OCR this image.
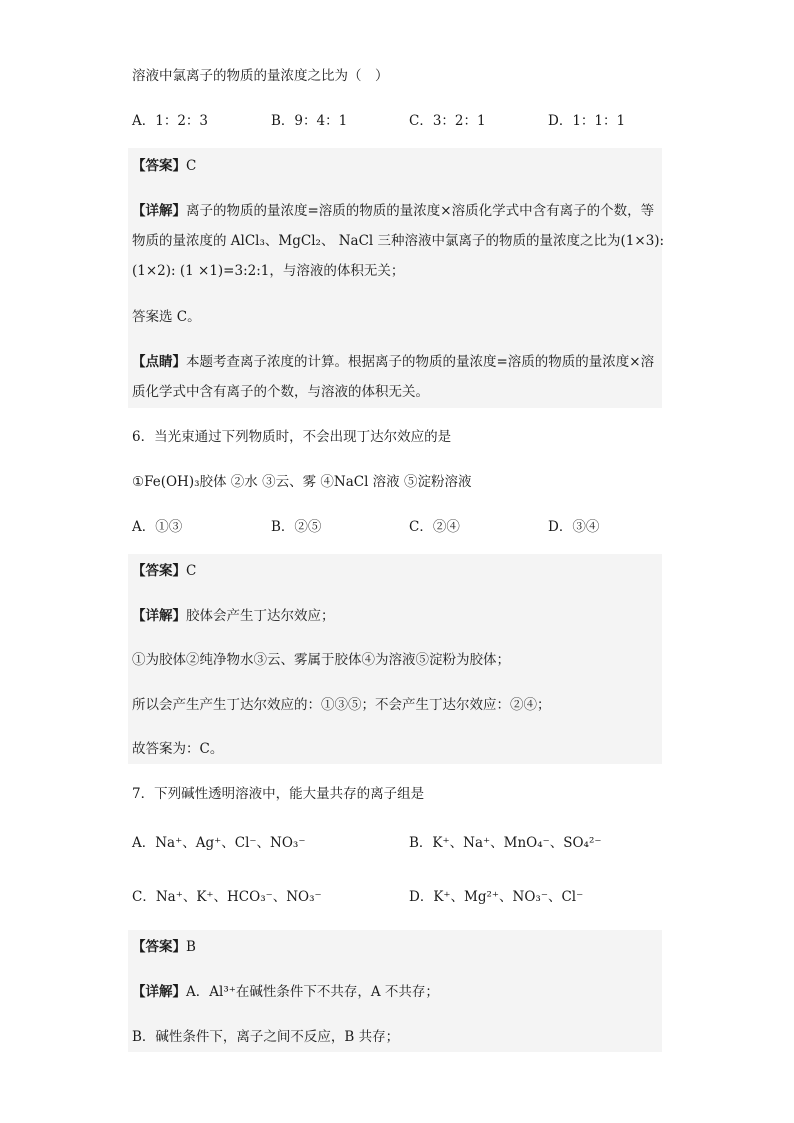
溶液中氯离子的物质的量浓度之比为（　）
A．1：2：3	B．9：4：1	C．3：2：1	D．1：1：1
【答案】C
【详解】离子的物质的量浓度=溶质的物质的量浓度×溶质化学式中含有离子的个数，等
物质的量浓度的 AlCl₃、MgCl₂、 NaCl 三种溶液中氯离子的物质的量浓度之比为(1×3):
(1×2): (1 ×1)=3:2:1，与溶液的体积无关；
答案选 C。
【点睛】本题考查离子浓度的计算。根据离子的物质的量浓度=溶质的物质的量浓度×溶
质化学式中含有离子的个数，与溶液的体积无关。
6．当光束通过下列物质时，不会出现丁达尔效应的是
①Fe(OH)₃胶体 ②水 ③云、雾 ④NaCl 溶液 ⑤淀粉溶液
A．①③	B．②⑤	C．②④	D．③④
【答案】C
【详解】胶体会产生丁达尔效应；
①为胶体②纯净物水③云、雾属于胶体④为溶液⑤淀粉为胶体；
所以会产生产生丁达尔效应的：①③⑤；不会产生丁达尔效应：②④；
故答案为：C。
7．下列碱性透明溶液中，能大量共存的离子组是
A．Na⁺、Ag⁺、Cl⁻、NO₃⁻	B．K⁺、Na⁺、MnO₄⁻、SO₄²⁻
C．Na⁺、K⁺、HCO₃⁻、NO₃⁻	D．K⁺、Mg²⁺、NO₃⁻、Cl⁻
【答案】B
【详解】A．Al³⁺在碱性条件下不共存，A 不共存；
B．碱性条件下，离子之间不反应，B 共存；
